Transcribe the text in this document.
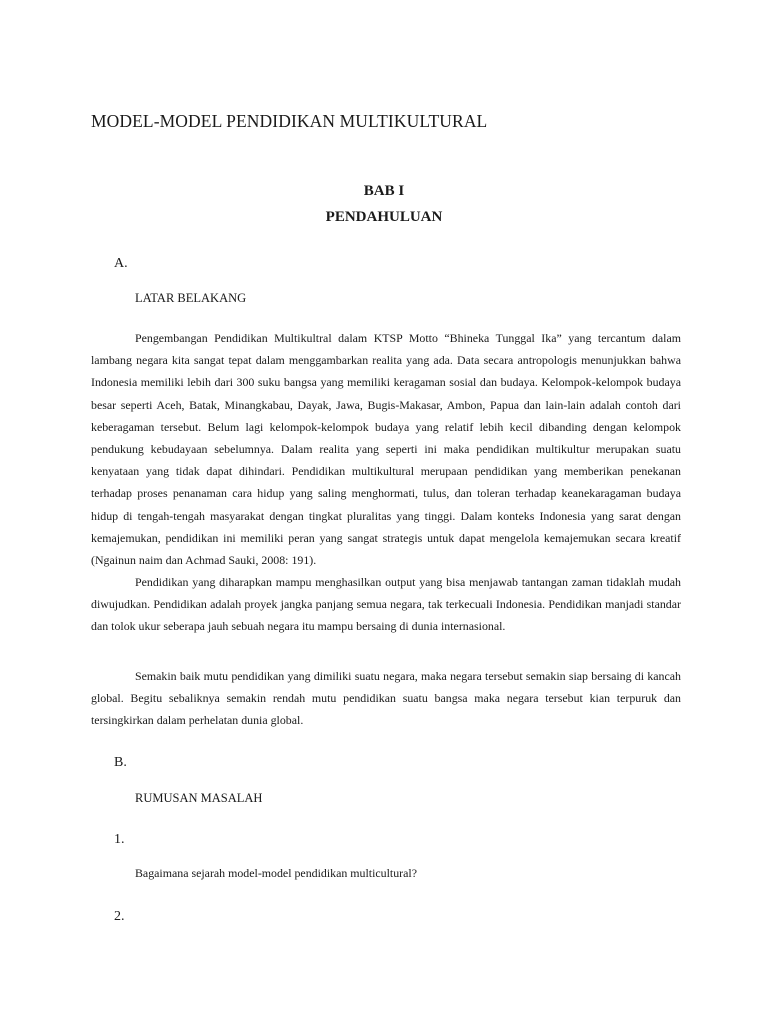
MODEL-MODEL PENDIDIKAN MULTIKULTURAL

BAB I

PENDAHULUAN

A.

LATAR BELAKANG

Pengembangan Pendidikan Multikultral dalam KTSP Motto “Bhineka Tunggal Ika” yang tercantum dalam lambang negara kita sangat tepat dalam menggambarkan realita yang ada. Data secara antropologis menunjukkan bahwa Indonesia memiliki lebih dari 300 suku bangsa yang memiliki keragaman sosial dan budaya. Kelompok-kelompok budaya besar seperti Aceh, Batak, Minangkabau, Dayak, Jawa, Bugis-Makasar, Ambon, Papua dan lain-lain adalah contoh dari keberagaman tersebut. Belum lagi kelompok-kelompok budaya yang relatif lebih kecil dibanding dengan kelompok pendukung kebudayaan sebelumnya. Dalam realita yang seperti ini maka pendidikan multikultur merupakan suatu kenyataan yang tidak dapat dihindari. Pendidikan multikultural merupaan pendidikan yang memberikan penekanan terhadap proses penanaman cara hidup yang saling menghormati, tulus, dan toleran terhadap keanekaragaman budaya hidup di tengah-tengah masyarakat dengan tingkat pluralitas yang tinggi. Dalam konteks Indonesia yang sarat dengan kemajemukan, pendidikan ini memiliki peran yang sangat strategis untuk dapat mengelola kemajemukan secara kreatif (Ngainun naim dan Achmad Sauki, 2008: 191).

Pendidikan yang diharapkan mampu menghasilkan output yang bisa menjawab tantangan zaman tidaklah mudah diwujudkan. Pendidikan adalah proyek jangka panjang semua negara, tak terkecuali Indonesia. Pendidikan manjadi standar dan tolok ukur seberapa jauh sebuah negara itu mampu bersaing di dunia internasional.

Semakin baik mutu pendidikan yang dimiliki suatu negara, maka negara tersebut semakin siap bersaing di kancah global. Begitu sebaliknya semakin rendah mutu pendidikan suatu bangsa maka negara tersebut kian terpuruk dan tersingkirkan dalam perhelatan dunia global.

B.

RUMUSAN MASALAH

1.

Bagaimana sejarah model-model pendidikan multicultural?

2.
